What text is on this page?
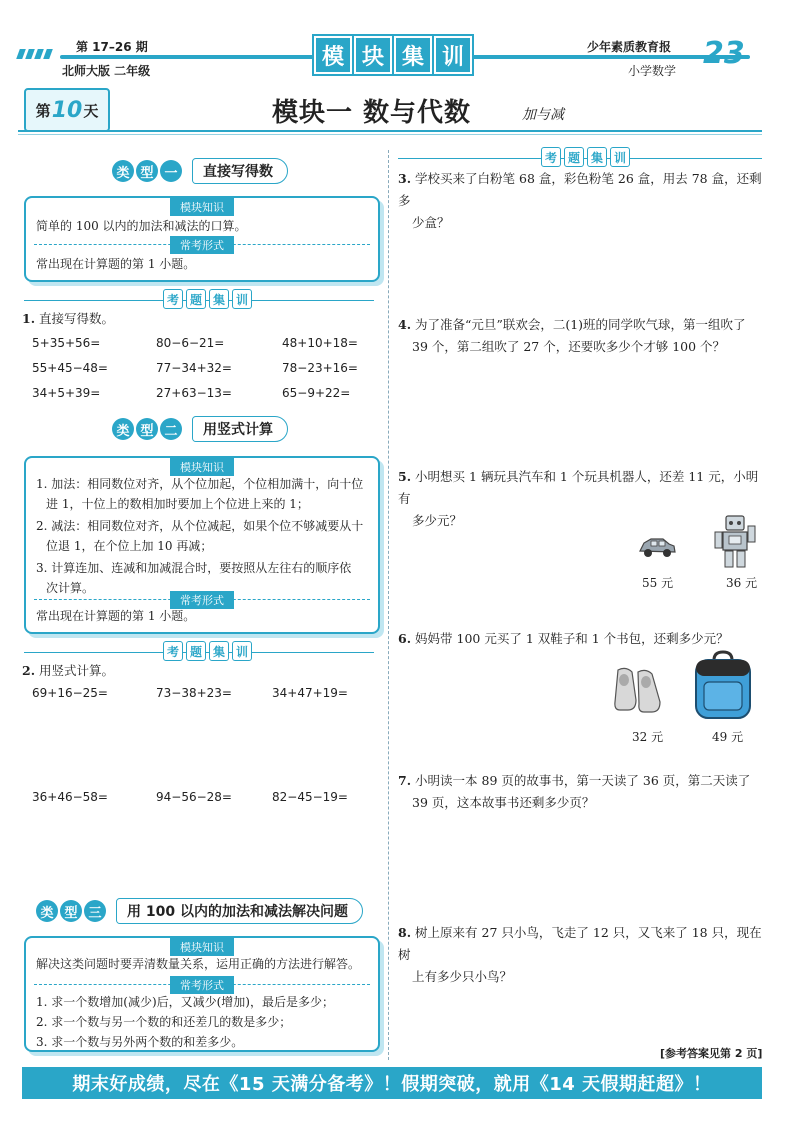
第 17–26 期
北师大版 二年级
模 块 集 训	少年素质教育报
小学数学 23
第 10 天	模块一 数与代数	加与减
类 型 一	直接写得数
模块知识

简单的 100 以内的加法和减法的口算。

常考形式

常出现在计算题的第 1 小题。

考 题 集 训
1. 直接写得数。
5+35+56=	80−6−21=	48+10+18=
55+45−48=	77−34+32=	78−23+16=
34+5+39=	27+63−13=	65−9+22=
类 型 二	用竖式计算
模块知识

1. 加法：相同数位对齐，从个位加起，个位相加满十，向十位

进 1，十位上的数相加时要加上个位进上来的 1；

2. 减法：相同数位对齐，从个位减起，如果个位不够减要从十

位退 1，在个位上加 10 再减；

3. 计算连加、连减和加减混合时，要按照从左往右的顺序依

次计算。

常考形式

常出现在计算题的第 1 小题。

考 题 集 训
2. 用竖式计算。
69+16−25=	73−38+23=	34+47+19=
36+46−58=	94−56−28=	82−45−19=
类 型 三	用 100 以内的加法和减法解决问题
模块知识

解决这类问题时要弄清数量关系，运用正确的方法进行解答。

常考形式

1. 求一个数增加(减少)后，又减少(增加)，最后是多少；

2. 求一个数与另一个数的和还差几的数是多少；

3. 求一个数与另外两个数的和差多少。

考 题 集 训
3. 学校买来了白粉笔 68 盒，彩色粉笔 26 盒，用去 78 盒，还剩多
少盒？
4. 为了准备“元旦”联欢会，二(1)班的同学吹气球，第一组吹了
39 个，第二组吹了 27 个，还要吹多少个才够 100 个？
5. 小明想买 1 辆玩具汽车和 1 个玩具机器人，还差 11 元，小明有
多少元？
55 元	36 元
6. 妈妈带 100 元买了 1 双鞋子和 1 个书包，还剩多少元？
32 元	49 元
7. 小明读一本 89 页的故事书，第一天读了 36 页，第二天读了
39 页，这本故事书还剩多少页？
8. 树上原来有 27 只小鸟，飞走了 12 只，又飞来了 18 只，现在树
上有多少只小鸟？
[参考答案见第 2 页]
期末好成绩，尽在《15 天满分备考》！假期突破，就用《14 天假期赶超》！
